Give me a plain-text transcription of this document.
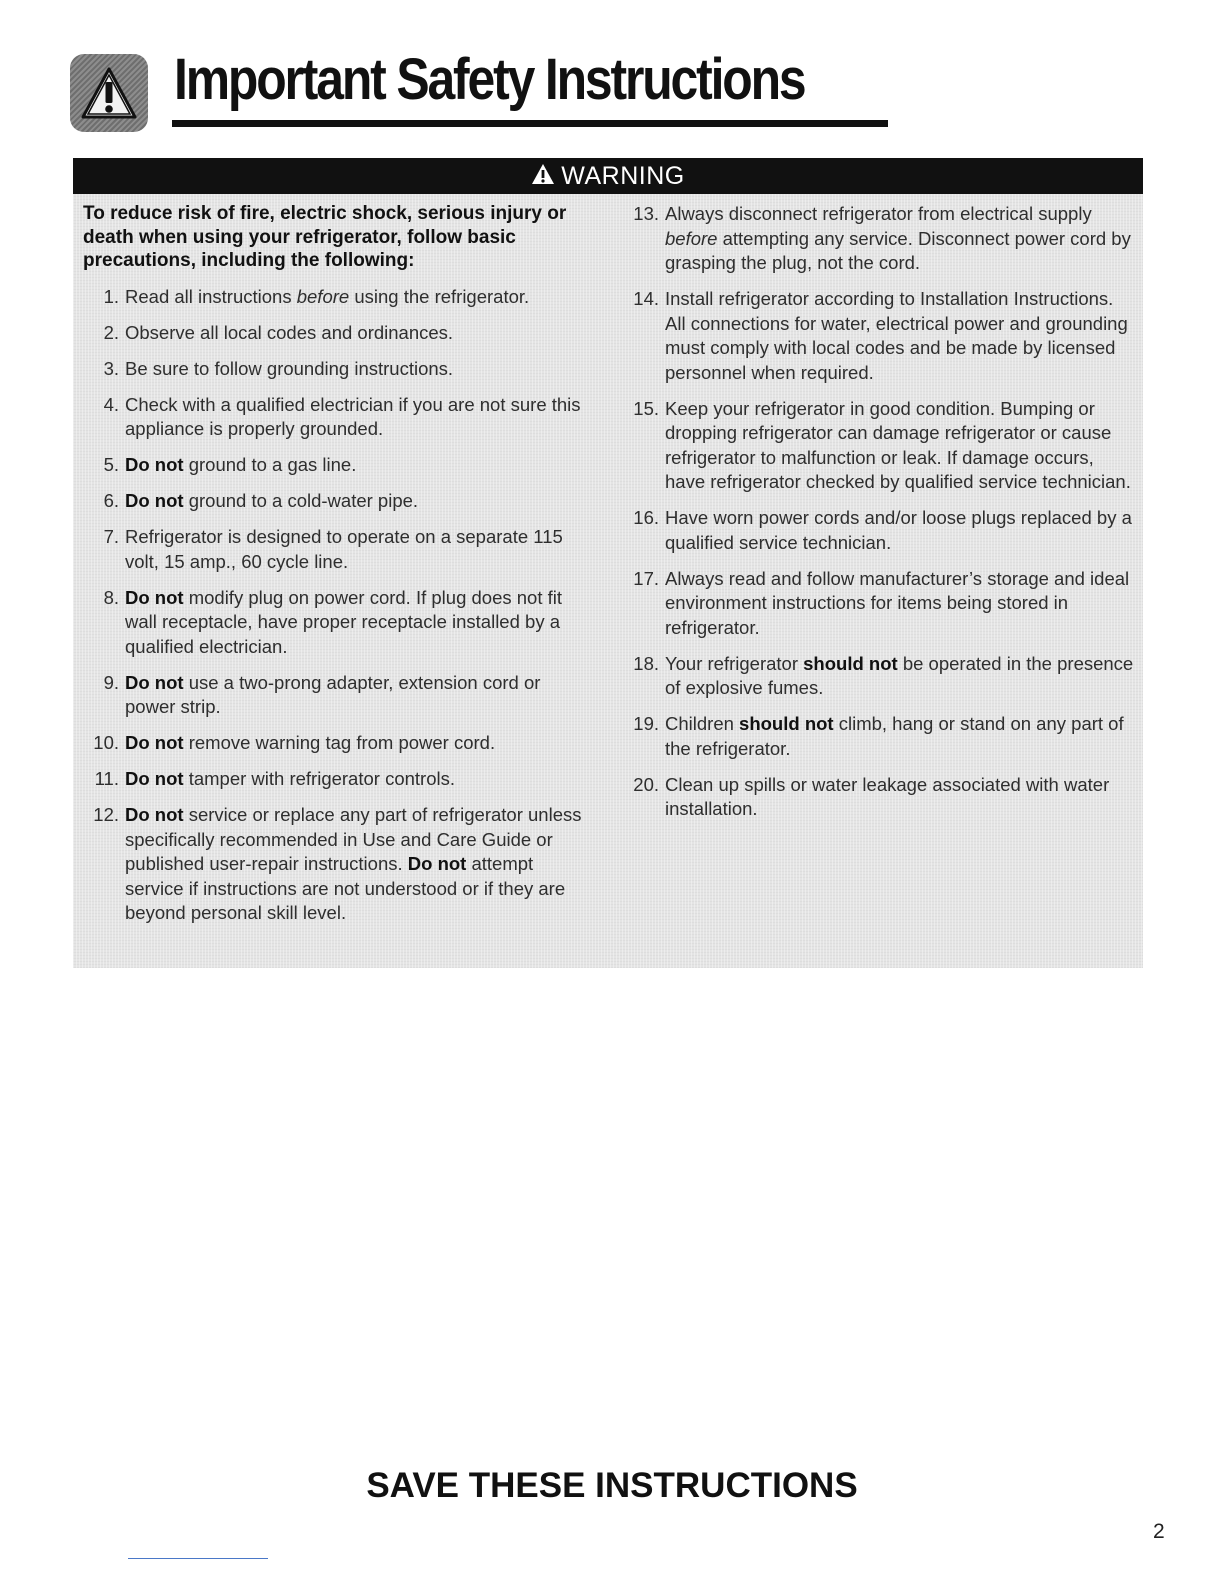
Important Safety Instructions
WARNING
To reduce risk of fire, electric shock, serious injury or death when using your refrigerator, follow basic precautions, including the following:
1. Read all instructions before using the refrigerator.
2. Observe all local codes and ordinances.
3. Be sure to follow grounding instructions.
4. Check with a qualified electrician if you are not sure this appliance is properly grounded.
5. Do not ground to a gas line.
6. Do not ground to a cold-water pipe.
7. Refrigerator is designed to operate on a separate 115 volt, 15 amp., 60 cycle line.
8. Do not modify plug on power cord. If plug does not fit wall receptacle, have proper receptacle installed by a qualified electrician.
9. Do not use a two-prong adapter, extension cord or power strip.
10. Do not remove warning tag from power cord.
11. Do not tamper with refrigerator controls.
12. Do not service or replace any part of refrigerator unless specifically recommended in Use and Care Guide or published user-repair instructions. Do not attempt service if instructions are not understood or if they are beyond personal skill level.
13. Always disconnect refrigerator from electrical supply before attempting any service. Disconnect power cord by grasping the plug, not the cord.
14. Install refrigerator according to Installation Instructions. All connections for water, electrical power and grounding must comply with local codes and be made by licensed personnel when required.
15. Keep your refrigerator in good condition. Bumping or dropping refrigerator can damage refrigerator or cause refrigerator to malfunction or leak. If damage occurs, have refrigerator checked by qualified service technician.
16. Have worn power cords and/or loose plugs replaced by a qualified service technician.
17. Always read and follow manufacturer’s storage and ideal environment instructions for items being stored in refrigerator.
18. Your refrigerator should not be operated in the presence of explosive fumes.
19. Children should not climb, hang or stand on any part of the refrigerator.
20. Clean up spills or water leakage associated with water installation.
SAVE THESE INSTRUCTIONS
2
